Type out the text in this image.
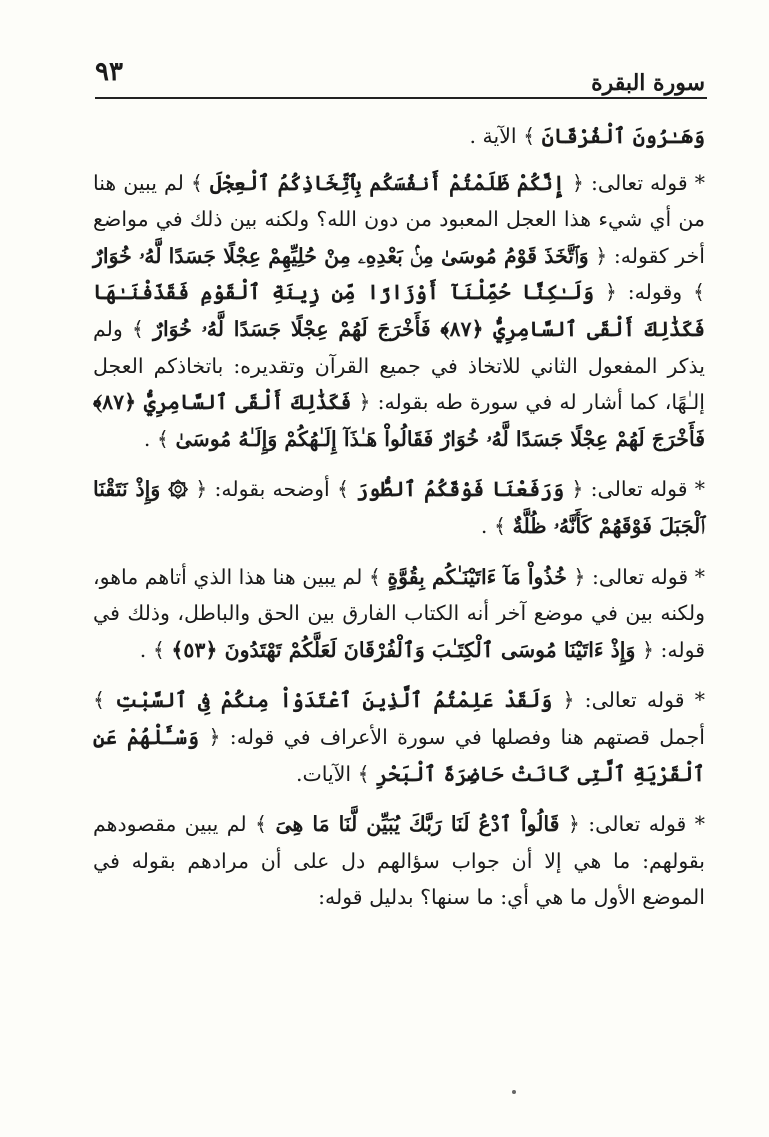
سورة البقرة
٩٣

وَهَـٰرُونَ ٱلْفُرْقَانَ ﴾ الآية .

* قوله تعالى: ﴿ إِنَّكُمْ ظَلَمْتُمْ أَنفُسَكُم بِٱتِّخَاذِكُمُ ٱلْعِجْلَ ﴾ لم يبين هنا من أي شيء هذا العجل المعبود من دون الله؟ ولكنه بين ذلك في مواضع أخر كقوله: ﴿ وَٱتَّخَذَ قَوْمُ مُوسَىٰ مِنۢ بَعْدِهِۦ مِنْ حُلِيِّهِمْ عِجْلًا جَسَدًا لَّهُۥ خُوَارٌ ﴾ وقوله: ﴿ وَلَـٰكِنَّا حُمِّلْنَآ أَوْزَارًا مِّن زِينَةِ ٱلْقَوْمِ فَقَذَفْنَـٰهَا فَكَذَٰلِكَ أَلْقَى ٱلسَّامِرِيُّ ﴿٨٧﴾ فَأَخْرَجَ لَهُمْ عِجْلًا جَسَدًا لَّهُۥ خُوَارٌ ﴾ ولم يذكر المفعول الثاني للاتخاذ في جميع القرآن وتقديره: باتخاذكم العجل إلـٰهًا، كما أشار له في سورة طه بقوله: ﴿ فَكَذَٰلِكَ أَلْقَى ٱلسَّامِرِيُّ ﴿٨٧﴾ فَأَخْرَجَ لَهُمْ عِجْلًا جَسَدًا لَّهُۥ خُوَارٌ فَقَالُواْ هَـٰذَآ إِلَـٰهُكُمْ وَإِلَـٰهُ مُوسَىٰ ﴾ .

* قوله تعالى: ﴿ وَرَفَعْنَا فَوْقَكُمُ ٱلطُّورَ ﴾ أوضحه بقوله: ﴿ ۞ وَإِذْ نَتَقْنَا ٱلْجَبَلَ فَوْقَهُمْ كَأَنَّهُۥ ظُلَّةٌ ﴾ .

* قوله تعالى: ﴿ خُذُواْ مَآ ءَاتَيْنَـٰكُم بِقُوَّةٍ ﴾ لم يبين هنا هذا الذي أتاهم ماهو، ولكنه بين في موضع آخر أنه الكتاب الفارق بين الحق والباطل، وذلك في قوله: ﴿ وَإِذْ ءَاتَيْنَا مُوسَى ٱلْكِتَـٰبَ وَٱلْفُرْقَانَ لَعَلَّكُمْ تَهْتَدُونَ ﴿٥٣﴾ ﴾ .

* قوله تعالى: ﴿ وَلَقَدْ عَلِمْتُمُ ٱلَّذِينَ ٱعْتَدَوْاْ مِنكُمْ فِى ٱلسَّبْتِ ﴾ أجمل قصتهم هنا وفصلها في سورة الأعراف في قوله: ﴿ وَسْـَٔلْهُمْ عَنِ ٱلْقَرْيَةِ ٱلَّتِى كَانَتْ حَاضِرَةَ ٱلْبَحْرِ ﴾ الآيات.

* قوله تعالى: ﴿ قَالُواْ ٱدْعُ لَنَا رَبَّكَ يُبَيِّن لَّنَا مَا هِىَ ﴾ لم يبين مقصودهم بقولهم: ما هي إلا أن جواب سؤالهم دل على أن مرادهم بقوله في الموضع الأول ما هي أي: ما سنها؟ بدليل قوله:
